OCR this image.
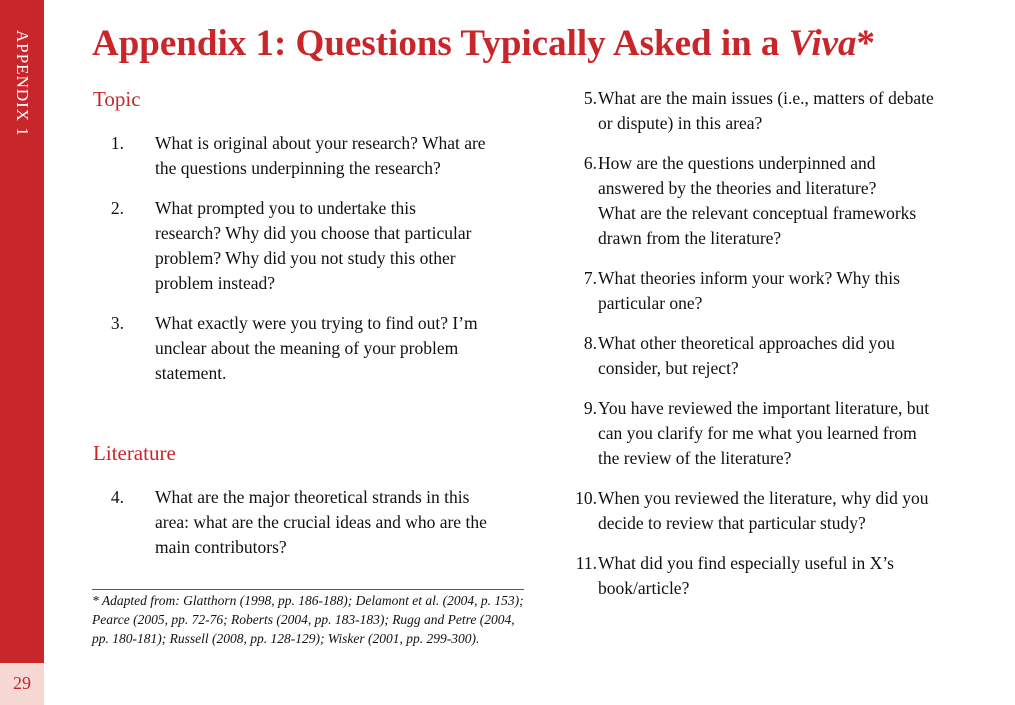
APPENDIX 1
29
Appendix 1: Questions Typically Asked in a Viva*
Topic
1. What is original about your research? What are
the questions underpinning the research?
2. What prompted you to undertake this
research? Why did you choose that particular
problem? Why did you not study this other
problem instead?
3. What exactly were you trying to find out? I’m
unclear about the meaning of your problem
statement.
Literature
4. What are the major theoretical strands in this
area: what are the crucial ideas and who are the
main contributors?
5. What are the main issues (i.e., matters of debate
or dispute) in this area?
6. How are the questions underpinned and
answered by the theories and literature?
What are the relevant conceptual frameworks
drawn from the literature?
7. What theories inform your work? Why this
particular one?
8. What other theoretical approaches did you
consider, but reject?
9. You have reviewed the important literature, but
can you clarify for me what you learned from
the review of the literature?
10. When you reviewed the literature, why did you
decide to review that particular study?
11. What did you find especially useful in X’s
book/article?
* Adapted from: Glatthorn (1998, pp. 186-188); Delamont et al. (2004, p. 153);
Pearce (2005, pp. 72-76; Roberts (2004, pp. 183-183); Rugg and Petre (2004,
pp. 180-181); Russell (2008, pp. 128-129); Wisker (2001, pp. 299-300).
